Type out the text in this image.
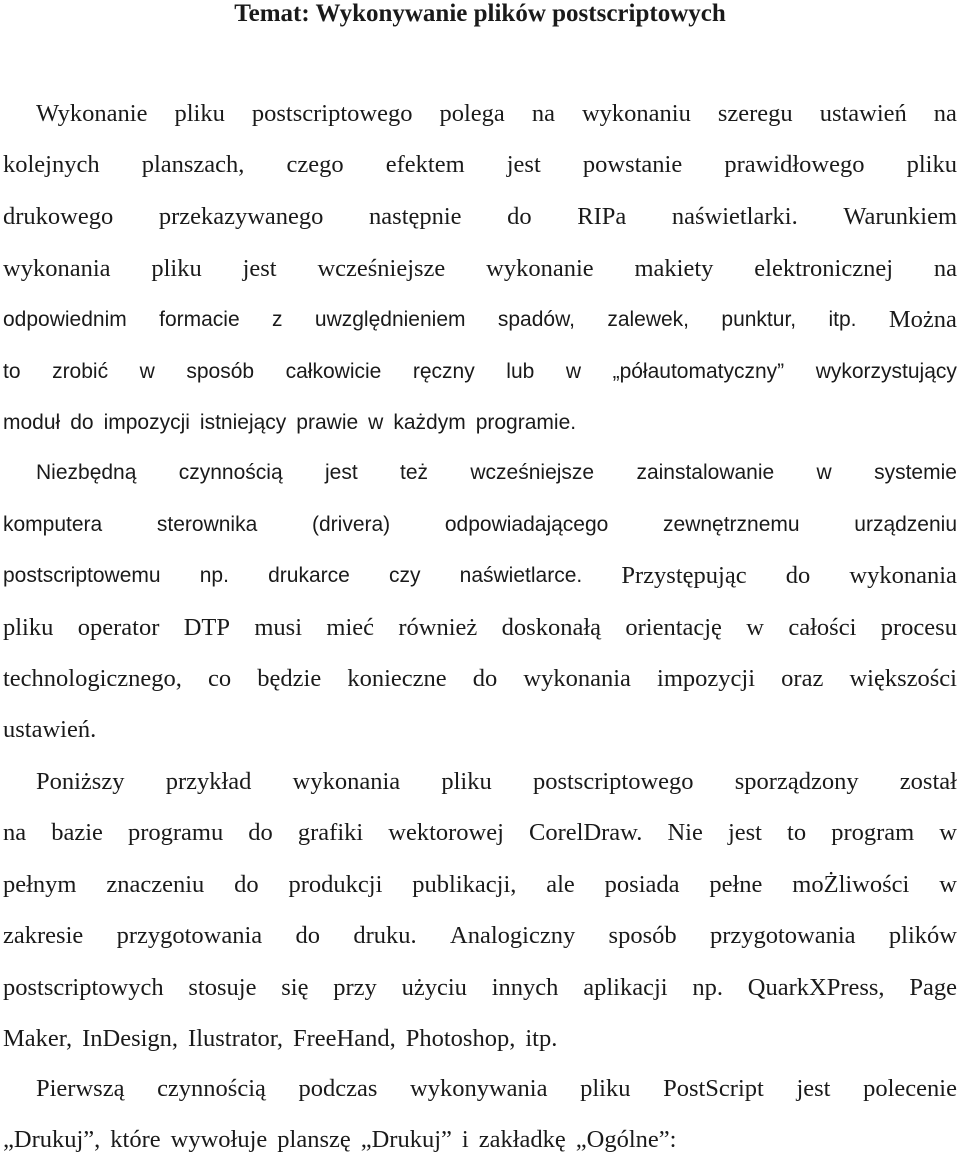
Temat: Wykonywanie plików postscriptowych
Wykonanie pliku postscriptowego polega na wykonaniu szeregu ustawień na
kolejnych planszach, czego efektem jest powstanie prawidłowego pliku
drukowego przekazywanego następnie do RIPa naświetlarki. Warunkiem
wykonania pliku jest wcześniejsze wykonanie makiety elektronicznej na
odpowiednim formacie z uwzględnieniem spadów, zalewek, punktur, itp. Można
to zrobić w sposób całkowicie ręczny lub w „półautomatyczny” wykorzystujący
moduł do impozycji istniejący prawie w każdym programie.
Niezbędną czynnością jest też wcześniejsze zainstalowanie w systemie
komputera	sterownika	(drivera)	odpowiadającego	zewnętrznemu	urządzeniu
postscriptowemu np. drukarce czy naświetlarce. Przystępując do wykonania
pliku operator DTP musi mieć również doskonałą orientację w całości procesu
technologicznego, co będzie konieczne do wykonania impozycji oraz większości
ustawień.
Poniższy przykład wykonania pliku postscriptowego sporządzony został
na bazie programu do grafiki wektorowej CorelDraw. Nie jest to program w
pełnym znaczeniu do produkcji publikacji, ale posiada pełne moŻliwości w
zakresie przygotowania do druku. Analogiczny sposób przygotowania plików
postscriptowych stosuje się przy użyciu innych aplikacji np. QuarkXPress, Page
Maker, InDesign, Ilustrator, FreeHand, Photoshop, itp.
Pierwszą czynnością podczas wykonywania pliku PostScript jest polecenie
„Drukuj”, które wywołuje planszę „Drukuj” i zakładkę „Ogólne”:
